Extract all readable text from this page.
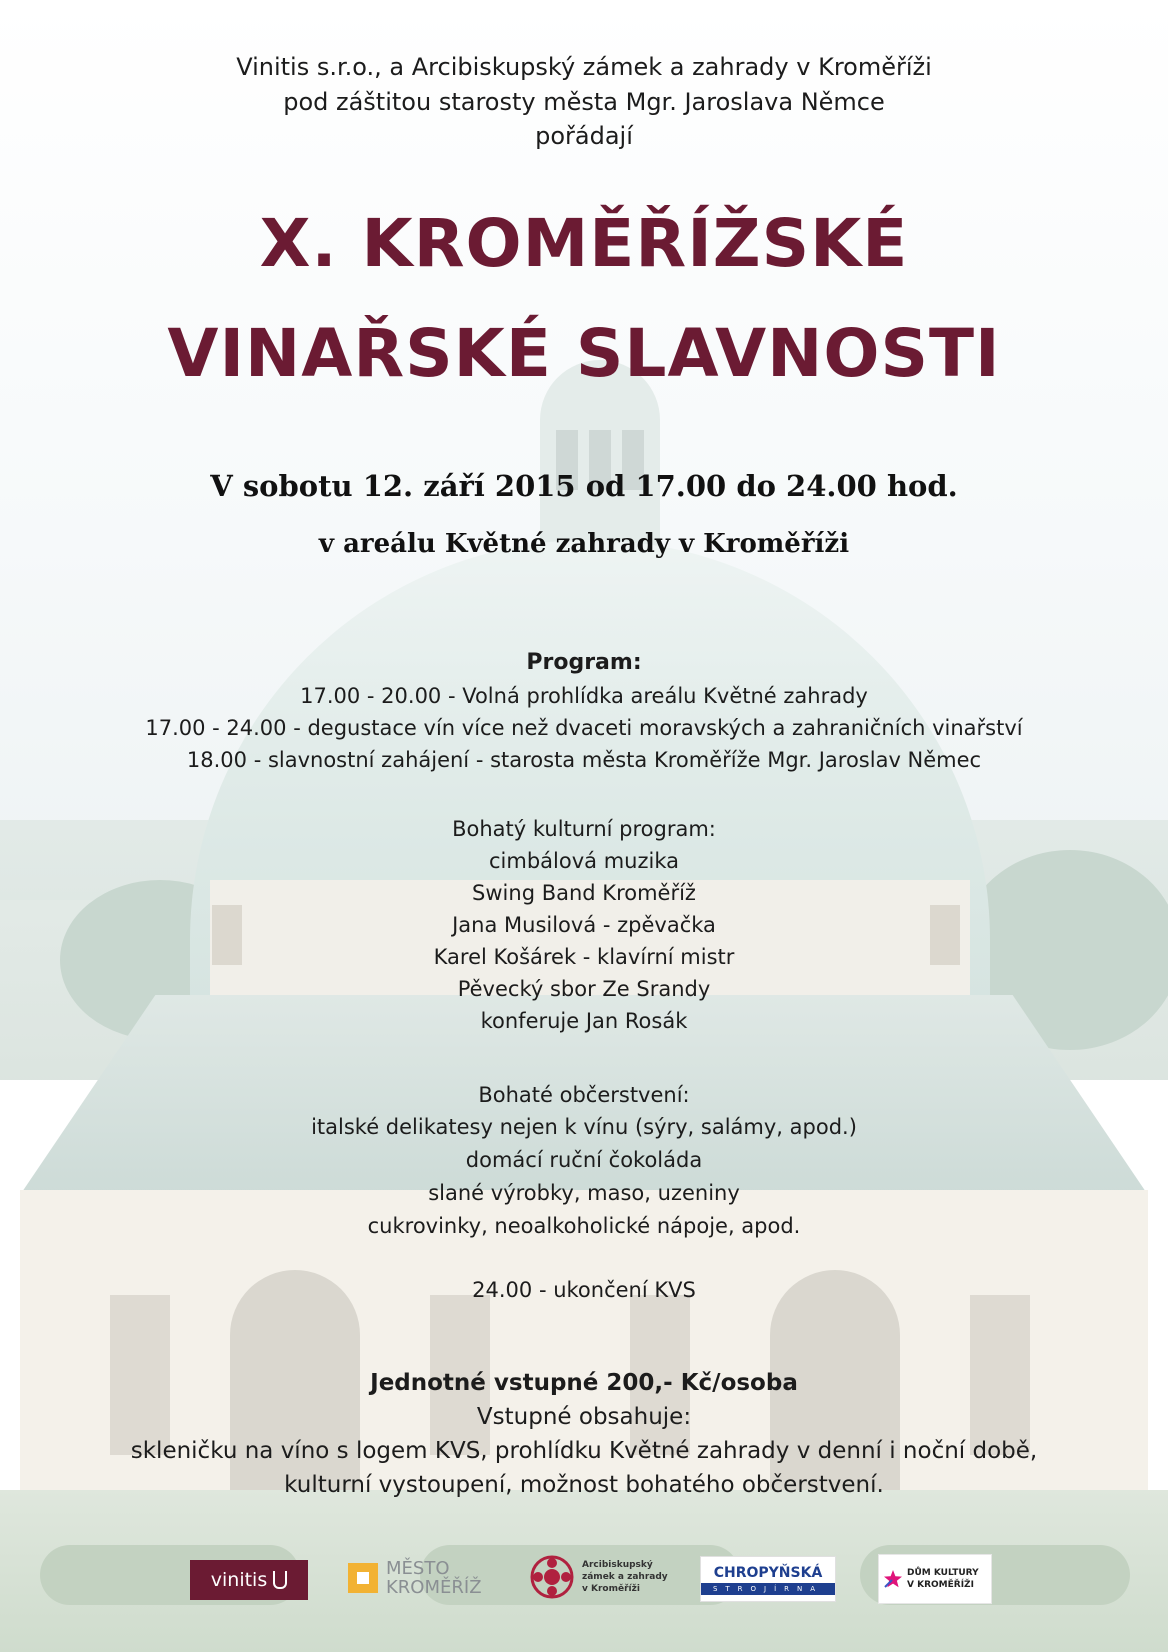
Vinitis s.r.o., a Arcibiskupský zámek a zahrady v Kroměříži
pod záštitou starosty města Mgr. Jaroslava Němce
pořádají
X. KROMĚŘÍŽSKÉ
VINAŘSKÉ SLAVNOSTI
V sobotu 12. září 2015 od 17.00 do 24.00 hod.
v areálu Květné zahrady v Kroměříži
Program:
17.00 - 20.00 - Volná prohlídka areálu Květné zahrady
17.00 - 24.00 - degustace vín více než dvaceti moravských a zahraničních vinařství
18.00 - slavnostní zahájení - starosta města Kroměříže Mgr. Jaroslav Němec
Bohatý kulturní program:
cimbálová muzika
Swing Band Kroměříž
Jana Musilová - zpěvačka
Karel Košárek - klavírní mistr
Pěvecký sbor Ze Srandy
konferuje Jan Rosák
Bohaté občerstvení:
italské delikatesy nejen k vínu (sýry, salámy, apod.)
domácí ruční čokoláda
slané výrobky, maso, uzeniny
cukrovinky, neoalkoholické nápoje, apod.
24.00 - ukončení KVS
Jednotné vstupné 200,- Kč/osoba
Vstupné obsahuje:
skleničku na víno s logem KVS, prohlídku Květné zahrady v denní i noční době,
kulturní vystoupení, možnost bohatého občerstvení.
vinitis
MĚSTO
KROMĚŘÍŽ
Arcibiskupský
zámek a zahrady
v Kroměříži
CHROPYŇSKÁ
STROJÍRNA
DŮM KULTURY
V KROMĚŘÍŽI
